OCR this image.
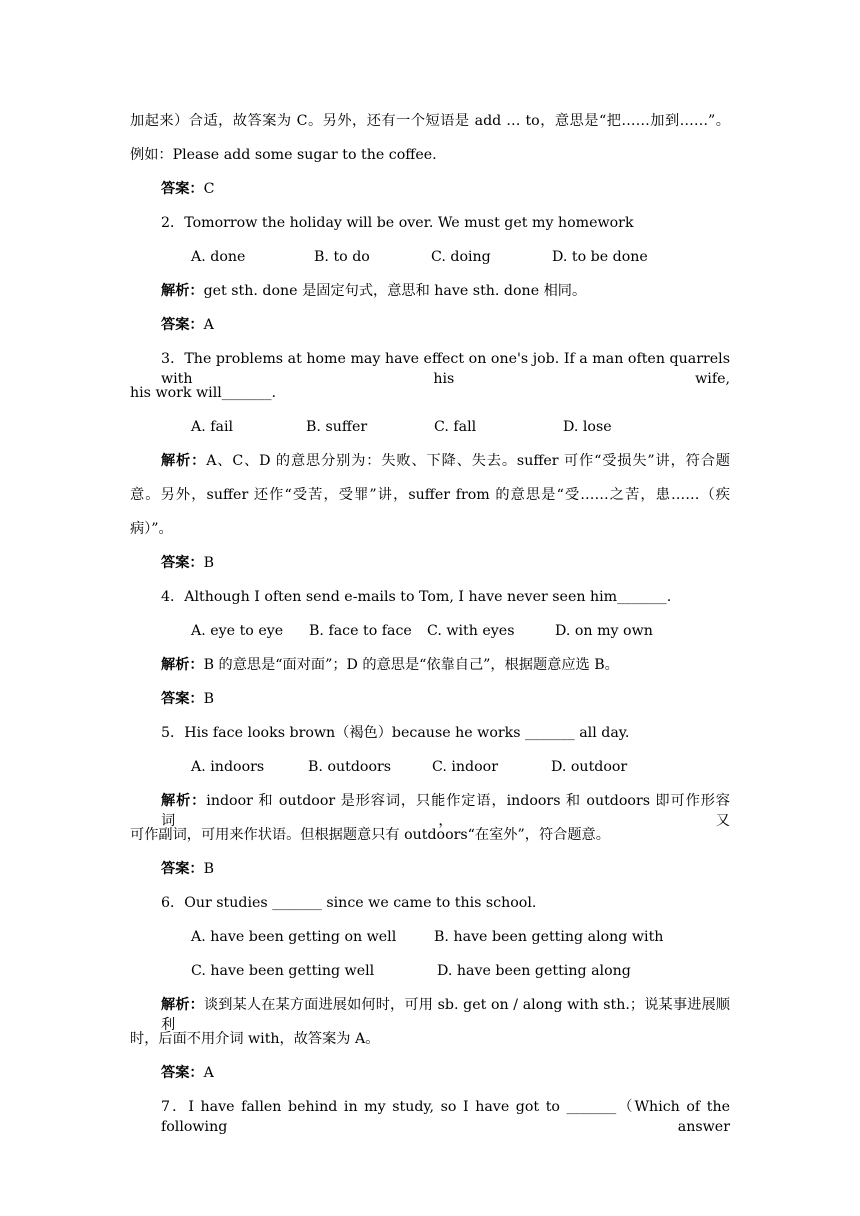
加起来）合适，故答案为 C。另外，还有一个短语是 add … to，意思是“把……加到……”。
例如：Please add some sugar to the coffee.
答案：C
2．Tomorrow the holiday will be over. We must get my homework
A. done	B. to do	C. doing	D. to be done
解析：get sth. done 是固定句式，意思和 have sth. done 相同。
答案：A
3．The problems at home may have effect on one's job. If a man often quarrels with his wife,
his work will_______.
A. fail	B. suffer	C. fall	D. lose
解析：A、C、D 的意思分别为：失败、下降、失去。suffer 可作“受损失”讲，符合题
意。另外，suffer 还作“受苦，受罪”讲，suffer from 的意思是“受……之苦，患……（疾
病）”。
答案：B
4．Although I often send e-mails to Tom, I have never seen him_______.
A. eye to eye B. face to face C. with eyes	D. on my own
解析：B 的意思是“面对面”；D 的意思是“依靠自己”，根据题意应选 B。
答案：B
5．His face looks brown（褐色）because he works _______ all day.
A. indoors	B. outdoors	C. indoor	D. outdoor
解析：indoor 和 outdoor 是形容词，只能作定语，indoors 和 outdoors 即可作形容词，又
可作副词，可用来作状语。但根据题意只有 outdoors“在室外”，符合题意。
答案：B
6．Our studies _______ since we came to this school.
A. have been getting on well	B. have been getting along with
C. have been getting well	D. have been getting along
解析：谈到某人在某方面进展如何时，可用 sb. get on / along with sth.；说某事进展顺利
时，后面不用介词 with，故答案为 A。
答案：A
7．I have fallen behind in my study, so I have got to _______（Which of the following answer
